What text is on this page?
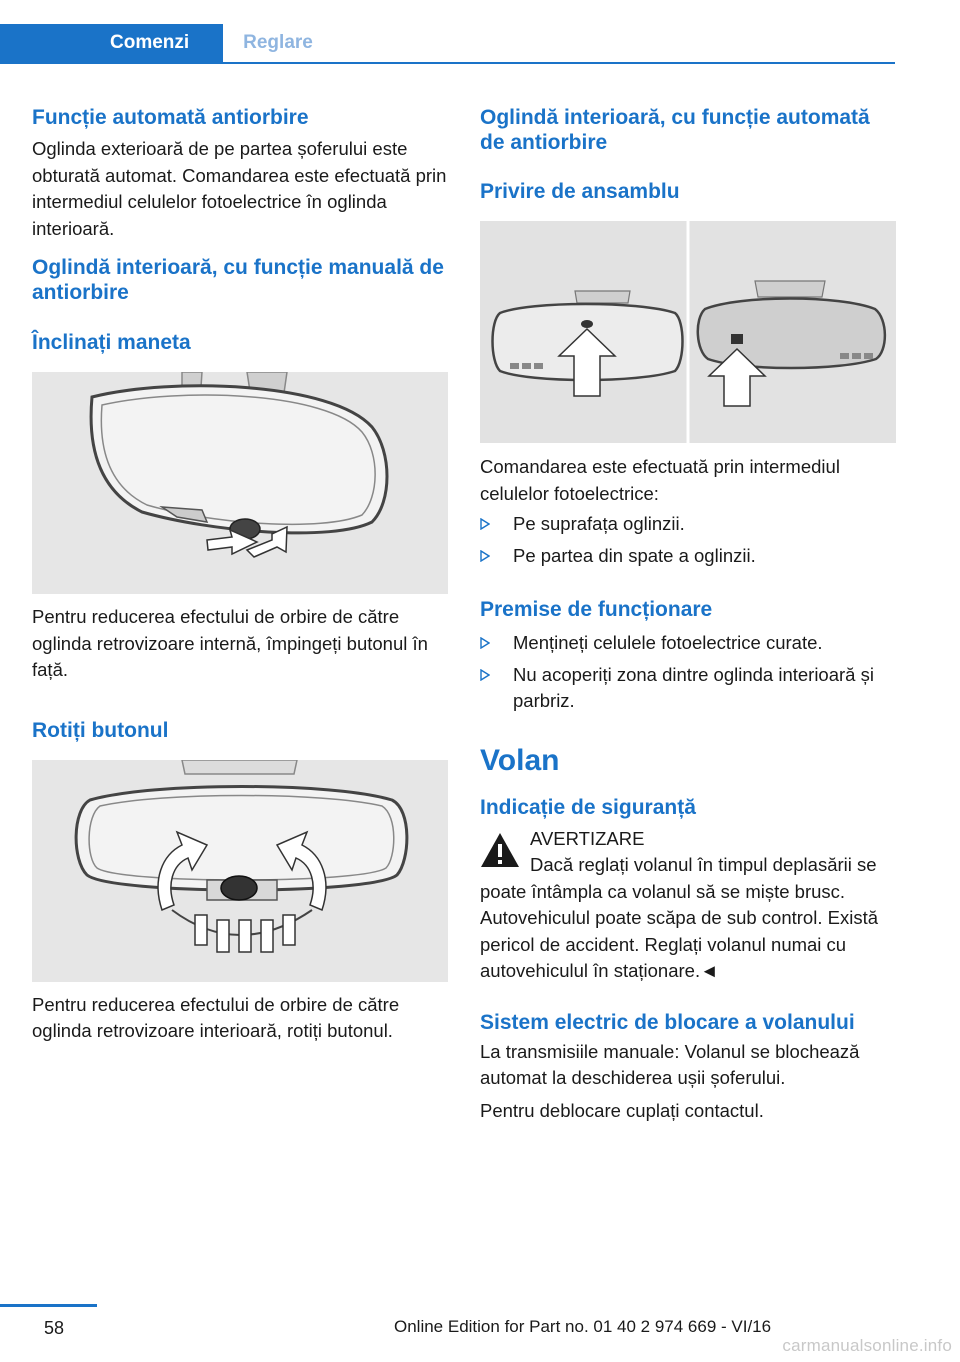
Comenzi	Reglare
Funcție automată antiorbire

Oglinda exterioară de pe partea șoferului este obturată automat. Comandarea este efectuată prin intermediul celulelor fotoelectrice în oglinda interioară.

Oglindă interioară, cu funcție manuală de antiorbire
Înclinați maneta

Pentru reducerea efectului de orbire de către oglinda retrovizoare internă, împingeți butonul în față.

Rotiți butonul

Pentru reducerea efectului de orbire de către oglinda retrovizoare interioară, rotiți butonul.

Oglindă interioară, cu funcție automată de antiorbire
Privire de ansamblu

Comandarea este efectuată prin intermediul celulelor fotoelectrice:

Pe suprafața oglinzii.
Pe partea din spate a oglinzii.
Premise de funcționare
Mențineți celulele fotoelectrice curate.
Nu acoperiți zona dintre oglinda interioară și parbriz.
Volan
Indicație de siguranță
AVERTIZARE

Dacă reglați volanul în timpul deplasării se poate întâmpla ca volanul să se miște brusc. Autovehiculul poate scăpa de sub control. Există pericol de accident. Reglați volanul numai cu autovehiculul în staționare.◄

Sistem electric de blocare a volanului

La transmisiile manuale: Volanul se blochează automat la deschiderea ușii șoferului.

Pentru deblocare cuplați contactul.

58	Online Edition for Part no. 01 40 2 974 669 - VI/16
carmanualsonline.info
